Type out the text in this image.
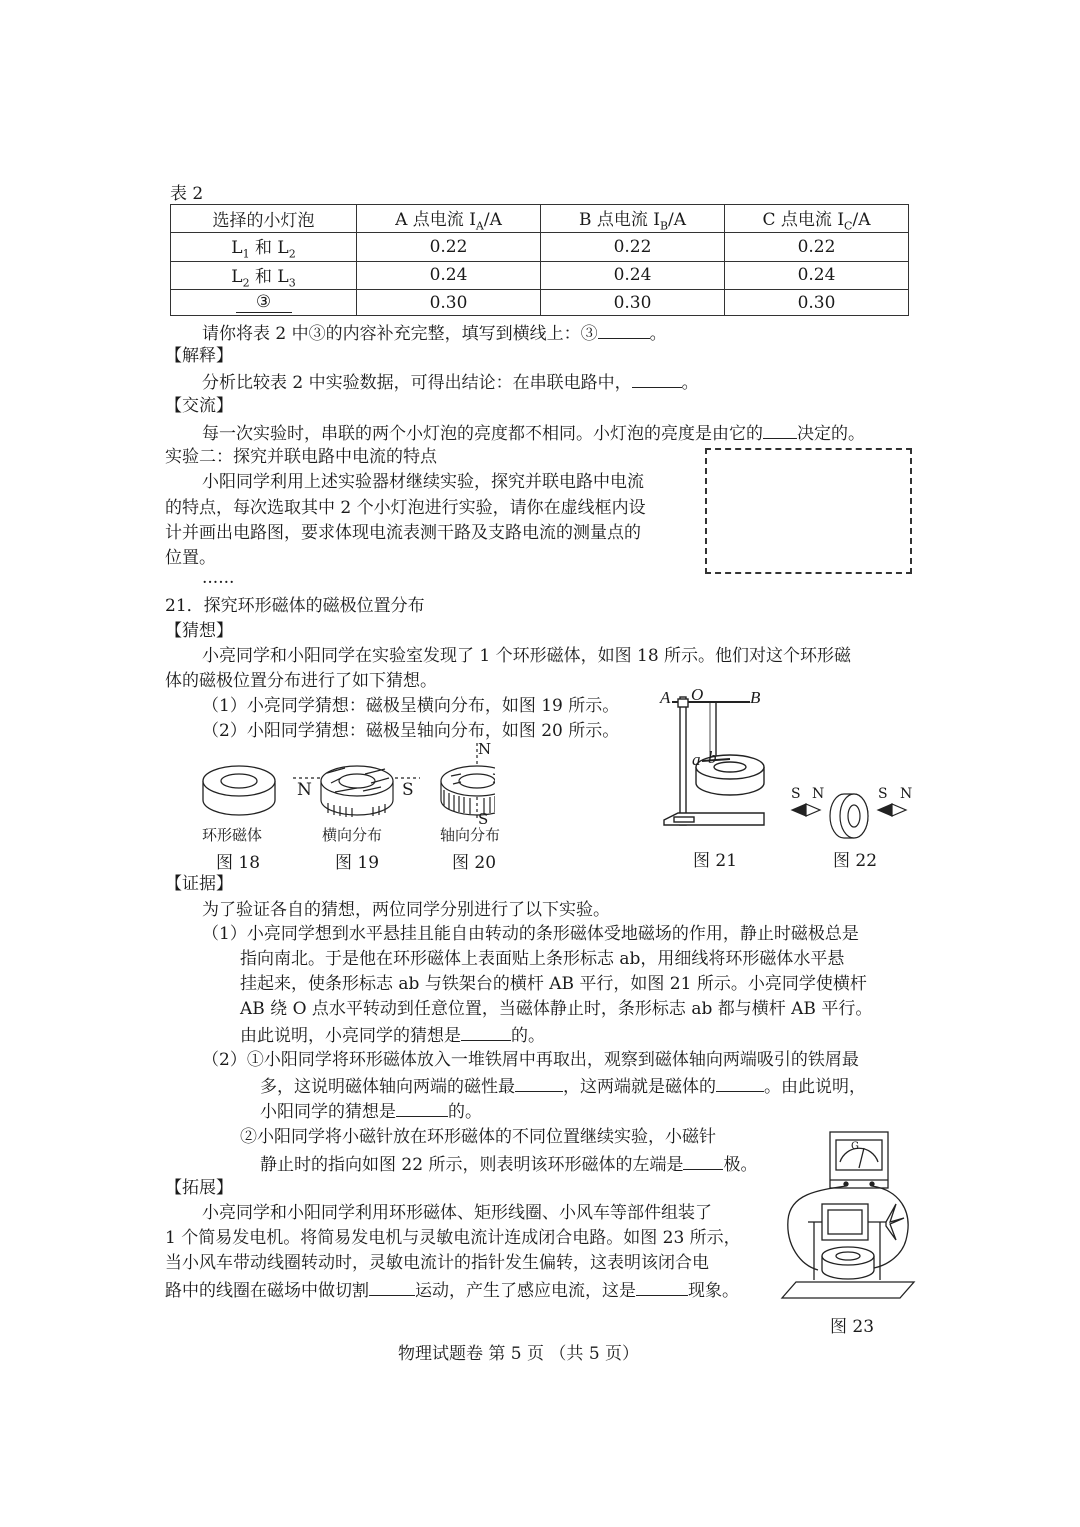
表 2
选择的小灯泡	A 点电流 $I_A/A$	B 点电流 $I_B/A$	C 点电流 $I_C/A$
$L_1$ 和 $L_2$	0.22	0.22	0.22
$L_2$ 和 $L_3$	0.24	0.24	0.24
③	0.30	0.30	0.30
请你将表 2 中③的内容补充完整，填写到横线上：③	。
【解释】
分析比较表 2 中实验数据，可得出结论：在串联电路中，	。
【交流】
每一次实验时，串联的两个小灯泡的亮度都不相同。小灯泡的亮度是由它的 决定的。
实验二：探究并联电路中电流的特点
小阳同学利用上述实验器材继续实验，探究并联电路中电流
的特点，每次选取其中 2 个小灯泡进行实验，请你在虚线框内设
计并画出电路图，要求体现电流表测干路及支路电流的测量点的
位置。
......
21．探究环形磁体的磁极位置分布
【猜想】
小亮同学和小阳同学在实验室发现了 1 个环形磁体，如图 18 所示。他们对这个环形磁
体的磁极位置分布进行了如下猜想。
（1）小亮同学猜想：磁极呈横向分布，如图 19 所示。
（2）小阳同学猜想：磁极呈轴向分布，如图 20 所示。
N	S
N
S
环形磁体	横向分布	轴向分布
图 18	图 19	图 20
A O	B
a b
图 21
S N	S N
图 22
【证据】
为了验证各自的猜想，两位同学分别进行了以下实验。
（1）小亮同学想到水平悬挂且能自由转动的条形磁体受地磁场的作用，静止时磁极总是
指向南北。于是他在环形磁体上表面贴上条形标志 ab，用细线将环形磁体水平悬
挂起来，使条形标志 ab 与铁架台的横杆 AB 平行，如图 21 所示。小亮同学使横杆
AB 绕 O 点水平转动到任意位置，当磁体静止时，条形标志 ab 都与横杆 AB 平行。
由此说明，小亮同学的猜想是	的。
（2）①小阳同学将环形磁体放入一堆铁屑中再取出，观察到磁体轴向两端吸引的铁屑最
多，这说明磁体轴向两端的磁性最	，这两端就是磁体的	。由此说明，
小阳同学的猜想是	的。
②小阳同学将小磁针放在环形磁体的不同位置继续实验，小磁针
静止时的指向如图 22 所示，则表明该环形磁体的左端是 极。
【拓展】
小亮同学和小阳同学利用环形磁体、矩形线圈、小风车等部件组装了
1 个简易发电机。将简易发电机与灵敏电流计连成闭合电路。如图 23 所示，
当小风车带动线圈转动时，灵敏电流计的指针发生偏转，这表明该闭合电
路中的线圈在磁场中做切割	运动，产生了感应电流，这是	现象。
G
图 23
物理试题卷 第 5 页 （共 5 页）
